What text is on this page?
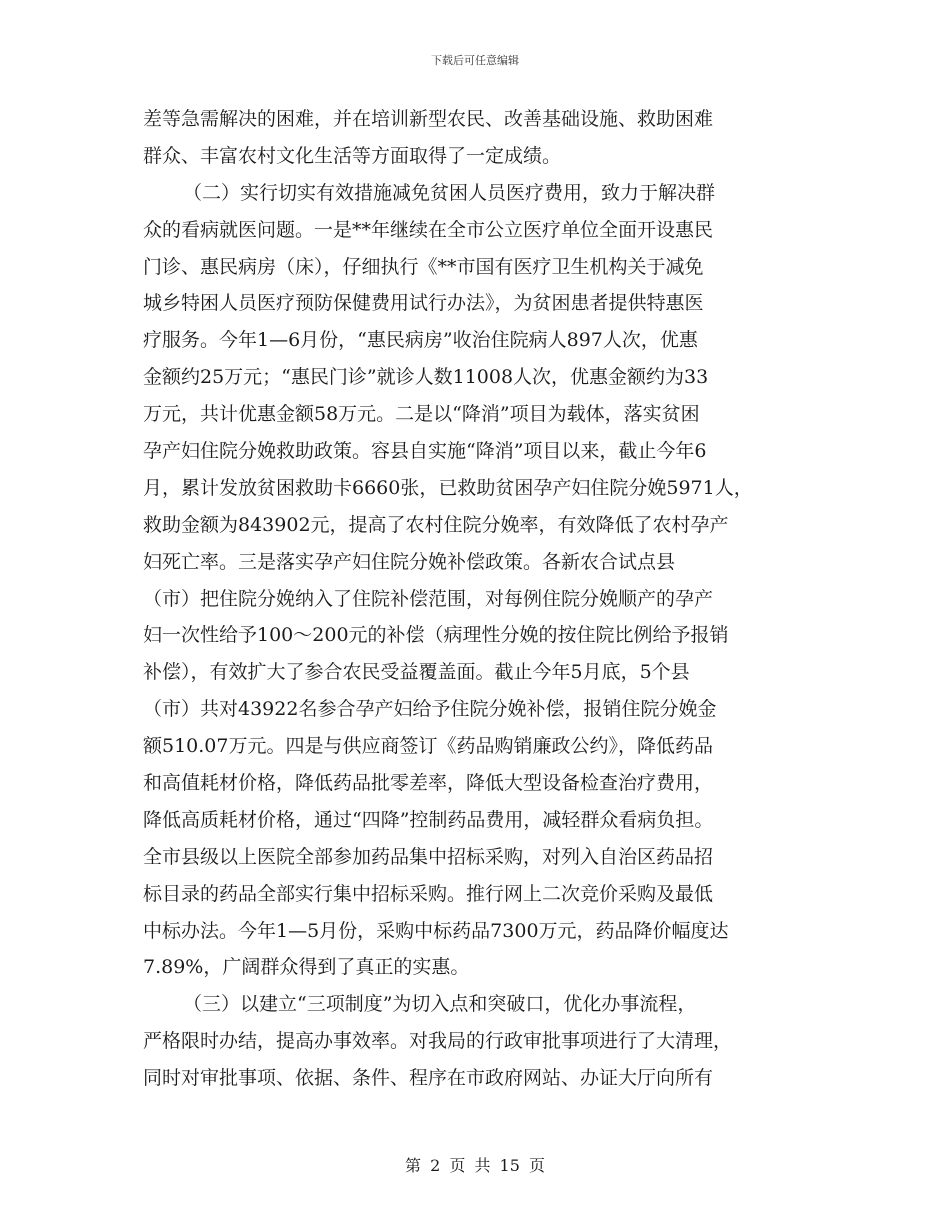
下载后可任意编辑
差等急需解决的困难，并在培训新型农民、改善基础设施、救助困难
群众、丰富农村文化生活等方面取得了一定成绩。
（二）实行切实有效措施减免贫困人员医疗费用，致力于解决群
众的看病就医问题。一是**年继续在全市公立医疗单位全面开设惠民
门诊、惠民病房（床），仔细执行《**市国有医疗卫生机构关于减免
城乡特困人员医疗预防保健费用试行办法》，为贫困患者提供特惠医
疗服务。今年1—6月份，“惠民病房”收治住院病人897人次，优惠
金额约25万元；“惠民门诊”就诊人数11008人次，优惠金额约为33
万元，共计优惠金额58万元。二是以“降消”项目为载体，落实贫困
孕产妇住院分娩救助政策。容县自实施“降消”项目以来，截止今年6
月，累计发放贫困救助卡6660张，已救助贫困孕产妇住院分娩5971人，
救助金额为843902元，提高了农村住院分娩率，有效降低了农村孕产
妇死亡率。三是落实孕产妇住院分娩补偿政策。各新农合试点县
（市）把住院分娩纳入了住院补偿范围，对每例住院分娩顺产的孕产
妇一次性给予100～200元的补偿（病理性分娩的按住院比例给予报销
补偿），有效扩大了参合农民受益覆盖面。截止今年5月底，5个县
（市）共对43922名参合孕产妇给予住院分娩补偿，报销住院分娩金
额510.07万元。四是与供应商签订《药品购销廉政公约》，降低药品
和高值耗材价格，降低药品批零差率，降低大型设备检查治疗费用，
降低高质耗材价格，通过“四降”控制药品费用，减轻群众看病负担。
全市县级以上医院全部参加药品集中招标采购，对列入自治区药品招
标目录的药品全部实行集中招标采购。推行网上二次竞价采购及最低
中标办法。今年1—5月份，采购中标药品7300万元，药品降价幅度达
7.89%，广阔群众得到了真正的实惠。
（三）以建立“三项制度”为切入点和突破口，优化办事流程，
严格限时办结，提高办事效率。对我局的行政审批事项进行了大清理，
同时对审批事项、依据、条件、程序在市政府网站、办证大厅向所有
第 2 页 共 15 页
